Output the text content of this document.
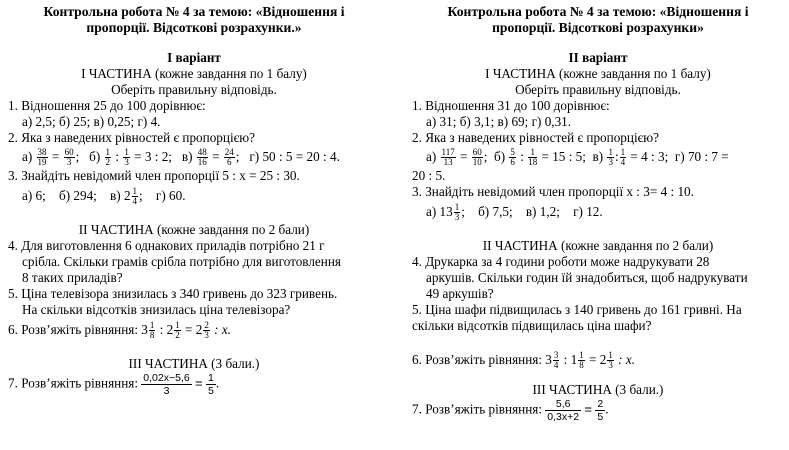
Контрольна робота № 4 за темою: «Відношення і
пропорції. Відсоткові розрахунки.»
І варіант
І ЧАСТИНА (кожне завдання по 1 балу)
Оберіть правильну відповідь.
1. Відношення 25 до 100 дорівнює:
а) 2,5; б) 25; в) 0,25; г) 4.
2. Яка з наведених рівностей є пропорцією?
$а) \frac{38}{19} = \frac{60}{3}$ ;   $б) \frac{1}{2}$ : $\frac{1}{3} = 3$ : 2; $в) \frac{48}{16} = \frac{24}{6}$ ;   г) 50 : 5 = 20 : 4.
3. Знайдіть невідомий член пропорції 5 : x = 25 : 30.
а) 6; б) 294; в) $2 \frac{1}{4}$ ; г) 60.
ІІ ЧАСТИНА (кожне завдання по 2 бали)
4. Для виготовлення 6 однакових приладів потрібно 21 г
срібла. Скільки грамів срібла потрібно для виготовлення
8 таких приладів?
5. Ціна телевізора знизилась з 340 гривень до 323 гривень.
На скільки відсотків знизилась ціна телевізора?
6. Розв’яжіть рівняння: $3 \frac{1}{8}$ : $2 \frac{1}{2} = 2 \frac{2}{3}$ : x.
ІІІ ЧАСТИНА (3 бали.)
7. Розв’яжіть рівняння: $\frac{0,02x-5,6}{3} = \frac{1}{5}$ .
Контрольна робота № 4 за темою: «Відношення і
пропорції. Відсоткові розрахунки»
ІІ варіант
І ЧАСТИНА (кожне завдання по 1 балу)
Оберіть правильну відповідь.
1. Відношення 31 до 100 дорівнює:
а) 31; б) 3,1; в) 69; г) 0,31.
2. Яка з наведених рівностей є пропорцією?
$а) \frac{117}{13} = \frac{60}{10}$ ;  $б) \frac{5}{6}$ : $\frac{1}{18} = 15$ : 5; $в) \frac{1}{3}$ : $\frac{1}{4} = 4$ : 3; г) 70 : 7 =
20 : 5.
3. Знайдіть невідомий член пропорції x : 3= 4 : 10.
а) $13 \frac{1}{3}$ ; б) 7,5; в) 1,2; г) 12.
ІІ ЧАСТИНА (кожне завдання по 2 бали)
4. Друкарка за 4 години роботи може надрукувати 28
аркушів. Скільки годин їй знадобиться, щоб надрукувати
49 аркушів?
5. Ціна шафи підвищилась з 140 гривень до 161 гривні. На
скільки відсотків підвищилась ціна шафи?
6. Розв’яжіть рівняння: $3 \frac{3}{4}$ : $1 \frac{1}{8} = 2 \frac{1}{3}$ : x.
ІІІ ЧАСТИНА (3 бали.)
7. Розв’яжіть рівняння: $\frac{5,6}{0,3x+2} = \frac{2}{5}$ .
